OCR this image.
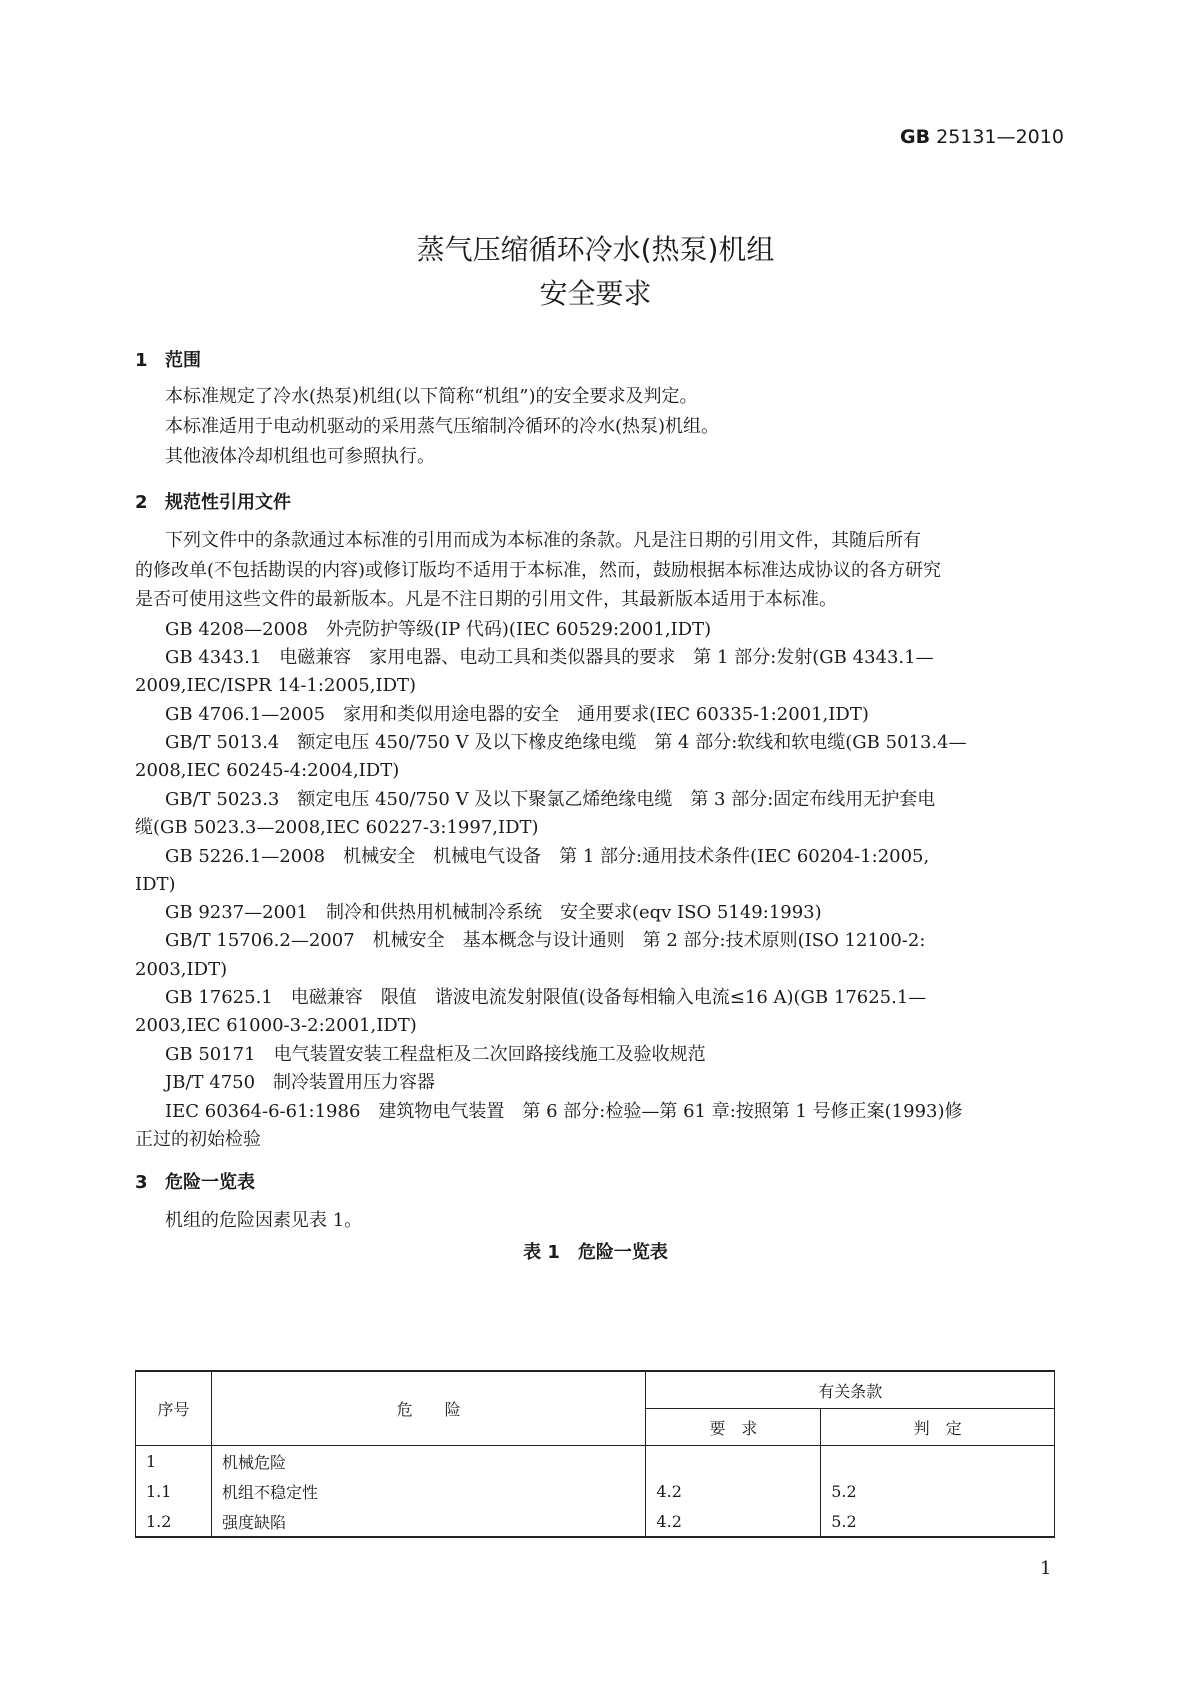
GB 25131—2010
蒸气压缩循环冷水(热泵)机组
安全要求
1 范围
本标准规定了冷水(热泵)机组(以下简称“机组”)的安全要求及判定。
本标准适用于电动机驱动的采用蒸气压缩制冷循环的冷水(热泵)机组。
其他液体冷却机组也可参照执行。
2 规范性引用文件
下列文件中的条款通过本标准的引用而成为本标准的条款。凡是注日期的引用文件，其随后所有
的修改单(不包括勘误的内容)或修订版均不适用于本标准，然而，鼓励根据本标准达成协议的各方研究
是否可使用这些文件的最新版本。凡是不注日期的引用文件，其最新版本适用于本标准。
GB 4208—2008　外壳防护等级(IP 代码)(IEC 60529:2001,IDT)
GB 4343.1　电磁兼容　家用电器、电动工具和类似器具的要求　第 1 部分:发射(GB 4343.1—
2009,IEC/ISPR 14-1:2005,IDT)
GB 4706.1—2005　家用和类似用途电器的安全　通用要求(IEC 60335-1:2001,IDT)
GB/T 5013.4　额定电压 450/750 V 及以下橡皮绝缘电缆　第 4 部分:软线和软电缆(GB 5013.4—
2008,IEC 60245-4:2004,IDT)
GB/T 5023.3　额定电压 450/750 V 及以下聚氯乙烯绝缘电缆　第 3 部分:固定布线用无护套电
缆(GB 5023.3—2008,IEC 60227-3:1997,IDT)
GB 5226.1—2008　机械安全　机械电气设备　第 1 部分:通用技术条件(IEC 60204-1:2005,
IDT)
GB 9237—2001　制冷和供热用机械制冷系统　安全要求(eqv ISO 5149:1993)
GB/T 15706.2—2007　机械安全　基本概念与设计通则　第 2 部分:技术原则(ISO 12100-2:
2003,IDT)
GB 17625.1　电磁兼容　限值　谐波电流发射限值(设备每相输入电流≤16 A)(GB 17625.1—
2003,IEC 61000-3-2:2001,IDT)
GB 50171　电气装置安装工程盘柜及二次回路接线施工及验收规范
JB/T 4750　制冷装置用压力容器
IEC 60364-6-61:1986　建筑物电气装置　第 6 部分:检验—第 61 章:按照第 1 号修正案(1993)修
正过的初始检验
3 危险一览表
机组的危险因素见表 1。
表 1　危险一览表
序号	危　　险	有关条款	
		要　求	判　定
1	机械危险		
1.1	机组不稳定性	4.2	5.2
1.2	强度缺陷	4.2	5.2
1
